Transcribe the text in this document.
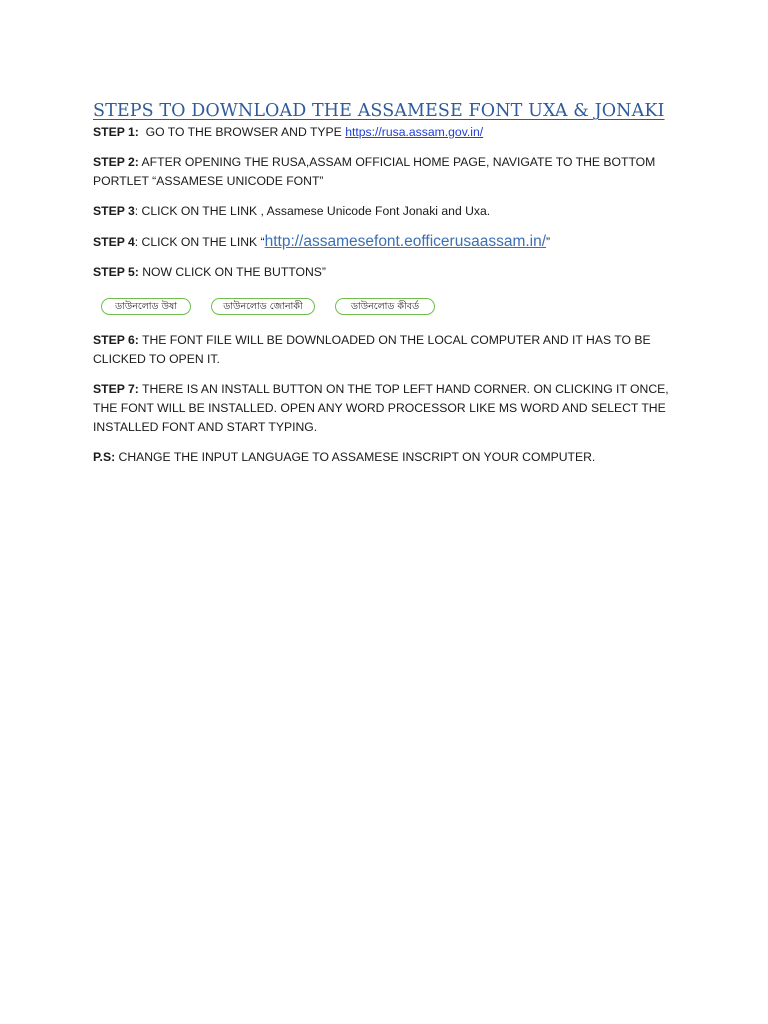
STEPS TO DOWNLOAD THE ASSAMESE FONT UXA & JONAKI

STEP 1:  GO TO THE BROWSER AND TYPE https://rusa.assam.gov.in/

STEP 2: AFTER OPENING THE RUSA,ASSAM OFFICIAL HOME PAGE, NAVIGATE TO THE BOTTOM PORTLET “ASSAMESE UNICODE FONT”

STEP 3: CLICK ON THE LINK , Assamese Unicode Font Jonaki and Uxa.

STEP 4: CLICK ON THE LINK “http://assamesefont.eofficerusaassam.in/”

STEP 5: NOW CLICK ON THE BUTTONS”

ডাউনলোড উষা	ডাউনলোড জোনাকী	ডাউনলোড কীবৰ্ড

STEP 6: THE FONT FILE WILL BE DOWNLOADED ON THE LOCAL COMPUTER AND IT HAS TO BE CLICKED TO OPEN IT.

STEP 7: THERE IS AN INSTALL BUTTON ON THE TOP LEFT HAND CORNER. ON CLICKING IT ONCE, THE FONT WILL BE INSTALLED. OPEN ANY WORD PROCESSOR LIKE MS WORD AND SELECT THE INSTALLED FONT AND START TYPING.

P.S: CHANGE THE INPUT LANGUAGE TO ASSAMESE INSCRIPT ON YOUR COMPUTER.
